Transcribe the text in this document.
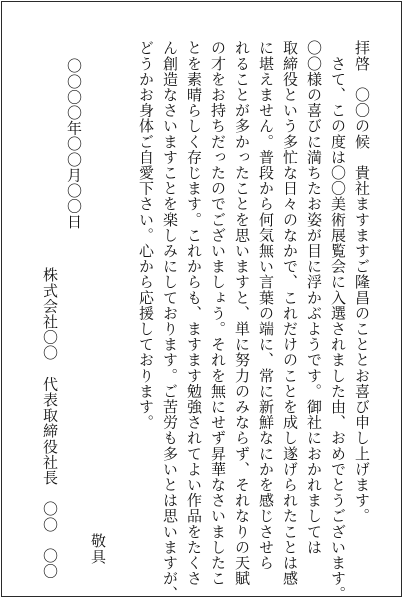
拝啓　〇〇の候　貴社ますますご隆昌のこととお喜び申し上げます。
　さて、この度は〇〇美術展覧会に入選されました由、おめでとうございます。
〇〇様の喜びに満ちたお姿が目に浮かぶようです。御社におかれましては
取締役という多忙な日々のなかで、これだけのことを成し遂げられたことは感
に堪えません。普段から何気無い言葉の端に、常に新鮮なにかを感じさせら
れることが多かったことを思いますと、単に努力のみならず、それなりの天賦
の才をお持ちだったのでございましょう。それを無にせず昇華なさいましたこ
とを素晴らしく存じます。これからも、ますます勉強されてよい作品をたくさ
ん創造なさいますことを楽しみにしております。ご苦労も多いとは思いますが、
どうかお身体ご自愛下さい。心から応援しております。
敬具
〇〇〇〇年〇〇月〇〇日
株式会社〇〇　代表取締役社長　〇〇　〇〇
